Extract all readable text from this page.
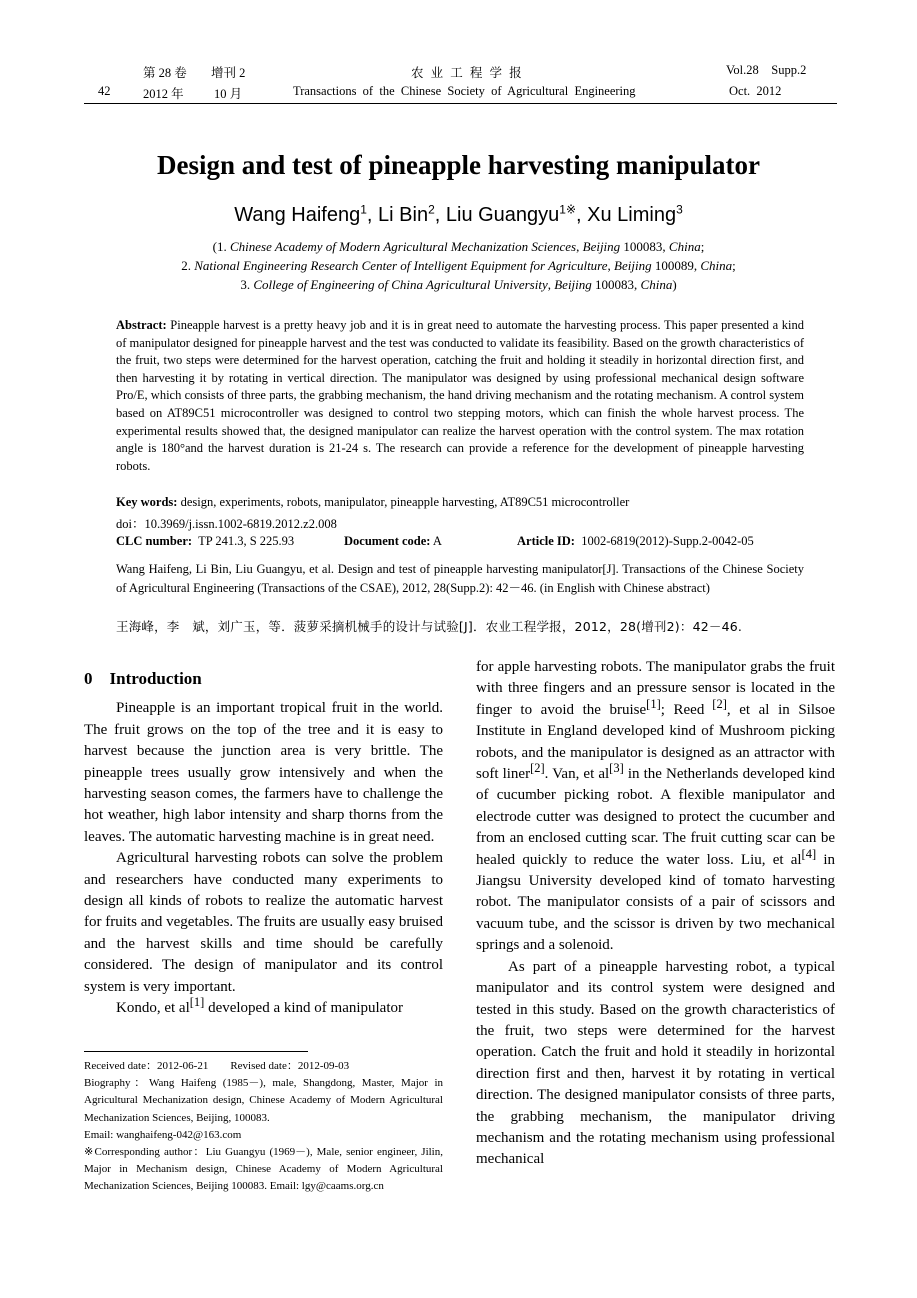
第 28 卷 增刊 2	农 业 工 程 学 报	Vol.28    Supp.2
42	2012 年 10 月	Transactions  of  the  Chinese  Society  of  Agricultural  Engineering	Oct.  2012
Design and test of pineapple harvesting manipulator
Wang Haifeng$^1$, Li Bin$^2$, Liu Guangyu$^{1※}$, Xu Liming$^3$
(1. Chinese Academy of Modern Agricultural Mechanization Sciences, Beijing 100083, China;
2. National Engineering Research Center of Intelligent Equipment for Agriculture, Beijing 100089, China;
3. College of Engineering of China Agricultural University, Beijing 100083, China)
Abstract: Pineapple harvest is a pretty heavy job and it is in great need to automate the harvesting process. This paper presented a kind of manipulator designed for pineapple harvest and the test was conducted to validate its feasibility. Based on the growth characteristics of the fruit, two steps were determined for the harvest operation, catching the fruit and holding it steadily in horizontal direction first, and then harvesting it by rotating in vertical direction. The manipulator was designed by using professional mechanical design software Pro/E, which consists of three parts, the grabbing mechanism, the hand driving mechanism and the rotating mechanism. A control system based on AT89C51 microcontroller was designed to control two stepping motors, which can finish the whole harvest process. The experimental results showed that, the designed manipulator can realize the harvest operation with the control system. The max rotation angle is 180°and the harvest duration is 21-24 s. The research can provide a reference for the development of pineapple harvesting robots.
Key words: design, experiments, robots, manipulator, pineapple harvesting, AT89C51 microcontroller
doi：10.3969/j.issn.1002-6819.2012.z2.008
CLC number:  TP 241.3, S 225.93	Document code: A	Article ID:  1002-6819(2012)-Supp.2-0042-05
Wang Haifeng, Li Bin, Liu Guangyu, et al. Design and test of pineapple harvesting manipulator[J]. Transactions of the Chinese Society of Agricultural Engineering (Transactions of the CSAE), 2012, 28(Supp.2): 42－46. (in English with Chinese abstract)
王海峰，李　斌，刘广玉，等．菠萝采摘机械手的设计与试验[J]．农业工程学报，2012，28(增刊2)：42－46.
0    Introduction

Pineapple is an important tropical fruit in the world. The fruit grows on the top of the tree and it is easy to harvest because the junction area is very brittle. The pineapple trees usually grow intensively and when the harvesting season comes, the farmers have to challenge the hot weather, high labor intensity and sharp thorns from the leaves. The automatic harvesting machine is in great need.

Agricultural harvesting robots can solve the problem and researchers have conducted many experiments to design all kinds of robots to realize the automatic harvest for fruits and vegetables. The fruits are usually easy bruised and the harvest skills and time should be carefully considered. The design of manipulator and its control system is very important.

Kondo, et al[1] developed a kind of manipulator

Received date：2012-06-21        Revised date：2012-09-03

Biography：Wang Haifeng (1985－), male, Shangdong, Master, Major in Agricultural Mechanization design, Chinese Academy of Modern Agricultural Mechanization Sciences, Beijing, 100083.

Email: wanghaifeng-042@163.com

※Corresponding author：Liu Guangyu (1969－), Male, senior engineer, Jilin, Major in Mechanism design, Chinese Academy of Modern Agricultural Mechanization Sciences, Beijing 100083. Email: lgy@caams.org.cn

for apple harvesting robots. The manipulator grabs the fruit with three fingers and an pressure sensor is located in the finger to avoid the bruise[1]; Reed [2], et al in Silsoe Institute in England developed kind of Mushroom picking robots, and the manipulator is designed as an attractor with soft liner[2]. Van, et al[3] in the Netherlands developed kind of cucumber picking robot. A flexible manipulator and electrode cutter was designed to protect the cucumber and from an enclosed cutting scar. The fruit cutting scar can be healed quickly to reduce the water loss. Liu, et al[4] in Jiangsu University developed kind of tomato harvesting robot. The manipulator consists of a pair of scissors and vacuum tube, and the scissor is driven by two mechanical springs and a solenoid.

As part of a pineapple harvesting robot, a typical manipulator and its control system were designed and tested in this study. Based on the growth characteristics of the fruit, two steps were determined for the harvest operation. Catch the fruit and hold it steadily in horizontal direction first and then, harvest it by rotating in vertical direction. The designed manipulator consists of three parts, the grabbing mechanism, the manipulator driving mechanism and the rotating mechanism using professional mechanical
